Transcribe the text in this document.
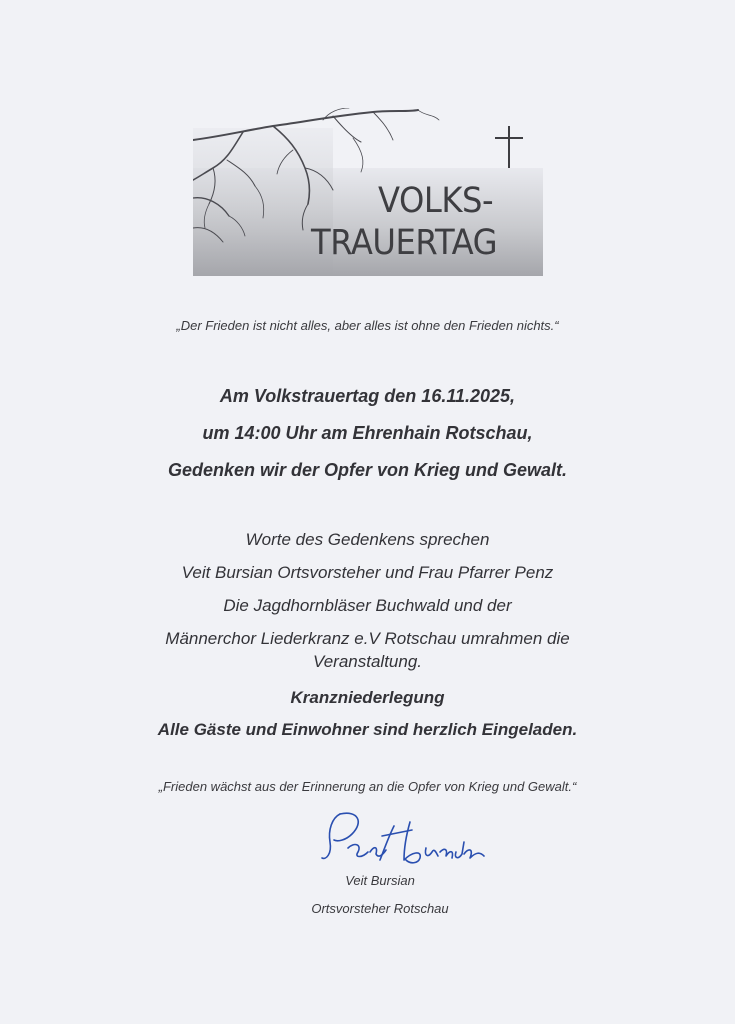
VOLKS-
TRAUERTAG
„Der Frieden ist nicht alles, aber alles ist ohne den Frieden nichts.“
Am Volkstrauertag den 16.11.2025,
um 14:00 Uhr am Ehrenhain Rotschau,
Gedenken wir der Opfer von Krieg und Gewalt.
Worte des Gedenkens sprechen
Veit Bursian Ortsvorsteher und Frau Pfarrer Penz
Die Jagdhornbläser Buchwald und der
Männerchor Liederkranz e.V Rotschau umrahmen die
Veranstaltung.
Kranzniederlegung
Alle Gäste und Einwohner sind herzlich Eingeladen.
„Frieden wächst aus der Erinnerung an die Opfer von Krieg und Gewalt.“
Veit Bursian
Ortsvorsteher Rotschau
